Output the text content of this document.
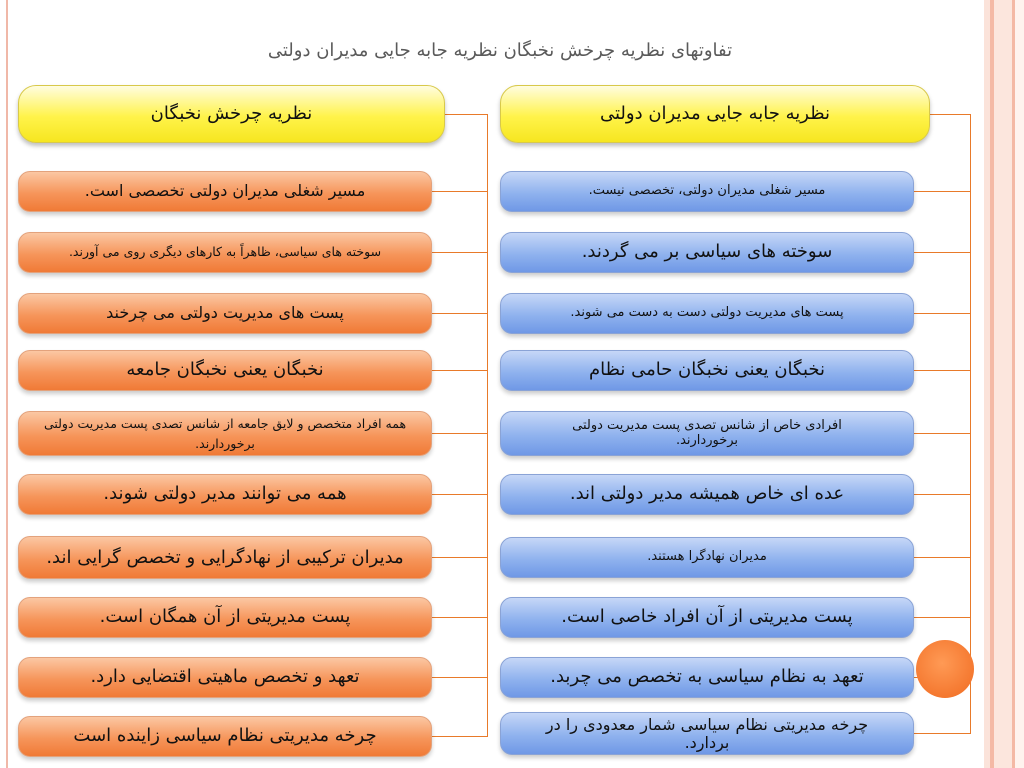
تفاوتهای نظریه چرخش نخبگان نظریه جابه جایی مدیران دولتی
نظریه چرخش نخبگان	نظریه جابه جایی مدیران دولتی
مسیر شغلی مدیران دولتی تخصصی است.
سوخته های سیاسی، ظاهراً به کارهای دیگری روی می آورند.
پست های مدیریت دولتی می چرخند
نخبگان یعنی نخبگان جامعه
همه افراد متخصص و لایق جامعه از شانس تصدی پست مدیریت دولتی برخوردارند.
همه می توانند مدیر دولتی شوند.
مدیران ترکیبی از نهادگرایی و تخصص گرایی اند.
پست مدیریتی از آن همگان است.
تعهد و تخصص ماهیتی اقتضایی دارد.
چرخه مدیریتی نظام سیاسی زاینده است
مسیر شغلی مدیران دولتی، تخصصی نیست.
سوخته های سیاسی بر می گردند.
پست های مدیریت دولتی دست به دست می شوند.
نخبگان یعنی نخبگان حامی نظام
افرادی خاص از شانس تصدی پست مدیریت دولتی برخوردارند.
عده ای خاص همیشه مدیر دولتی اند.
مدیران نهادگرا هستند.
پست مدیریتی از آن افراد خاصی است.
تعهد به نظام سیاسی به تخصص می چربد.
چرخه مدیریتی نظام سیاسی شمار معدودی را در بردارد.
